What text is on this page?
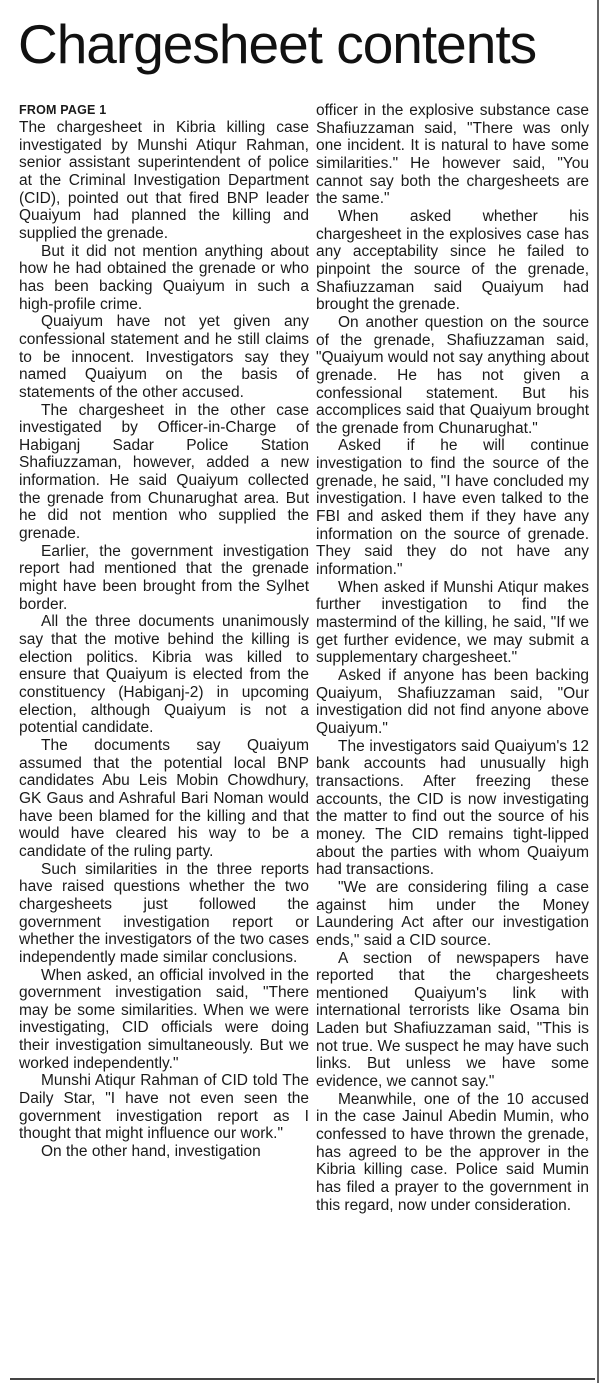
Chargesheet contents
FROM PAGE 1

The chargesheet in Kibria killing case investigated by Munshi Atiqur Rahman, senior assistant superintendent of police at the Criminal Investigation Department (CID), pointed out that fired BNP leader Quaiyum had planned the killing and supplied the grenade.

But it did not mention anything about how he had obtained the grenade or who has been backing Quaiyum in such a high-profile crime.

Quaiyum have not yet given any confessional statement and he still claims to be innocent. Investigators say they named Quaiyum on the basis of statements of the other accused.

The chargesheet in the other case investigated by Officer-in-Charge of Habiganj Sadar Police Station Shafiuzzaman, however, added a new information. He said Quaiyum collected the grenade from Chunarughat area. But he did not mention who supplied the grenade.

Earlier, the government investigation report had mentioned that the grenade might have been brought from the Sylhet border.

All the three documents unanimously say that the motive behind the killing is election politics. Kibria was killed to ensure that Quaiyum is elected from the constituency (Habiganj-2) in upcoming election, although Quaiyum is not a potential candidate.

The documents say Quaiyum assumed that the potential local BNP candidates Abu Leis Mobin Chowdhury, GK Gaus and Ashraful Bari Noman would have been blamed for the killing and that would have cleared his way to be a candidate of the ruling party.

Such similarities in the three reports have raised questions whether the two chargesheets just followed the government investigation report or whether the investigators of the two cases independently made similar conclusions.

When asked, an official involved in the government investigation said, "There may be some similarities. When we were investigating, CID officials were doing their investigation simultaneously. But we worked independently."

Munshi Atiqur Rahman of CID told The Daily Star, "I have not even seen the government investigation report as I thought that might influence our work."

On the other hand, investigation

officer in the explosive substance case Shafiuzzaman said, "There was only one incident. It is natural to have some similarities." He however said, "You cannot say both the chargesheets are the same."

When asked whether his chargesheet in the explosives case has any acceptability since he failed to pinpoint the source of the grenade, Shafiuzzaman said Quaiyum had brought the grenade.

On another question on the source of the grenade, Shafiuzzaman said, "Quaiyum would not say anything about grenade. He has not given a confessional statement. But his accomplices said that Quaiyum brought the grenade from Chunarughat."

Asked if he will continue investigation to find the source of the grenade, he said, "I have concluded my investigation. I have even talked to the FBI and asked them if they have any information on the source of grenade. They said they do not have any information."

When asked if Munshi Atiqur makes further investigation to find the mastermind of the killing, he said, "If we get further evidence, we may submit a supplementary chargesheet."

Asked if anyone has been backing Quaiyum, Shafiuzzaman said, "Our investigation did not find anyone above Quaiyum."

The investigators said Quaiyum's 12 bank accounts had unusually high transactions. After freezing these accounts, the CID is now investigating the matter to find out the source of his money. The CID remains tight-lipped about the parties with whom Quaiyum had transactions.

"We are considering filing a case against him under the Money Laundering Act after our investigation ends," said a CID source.

A section of newspapers have reported that the chargesheets mentioned Quaiyum's link with international terrorists like Osama bin Laden but Shafiuzzaman said, "This is not true. We suspect he may have such links. But unless we have some evidence, we cannot say."

Meanwhile, one of the 10 accused in the case Jainul Abedin Mumin, who confessed to have thrown the grenade, has agreed to be the approver in the Kibria killing case. Police said Mumin has filed a prayer to the government in this regard, now under consideration.
